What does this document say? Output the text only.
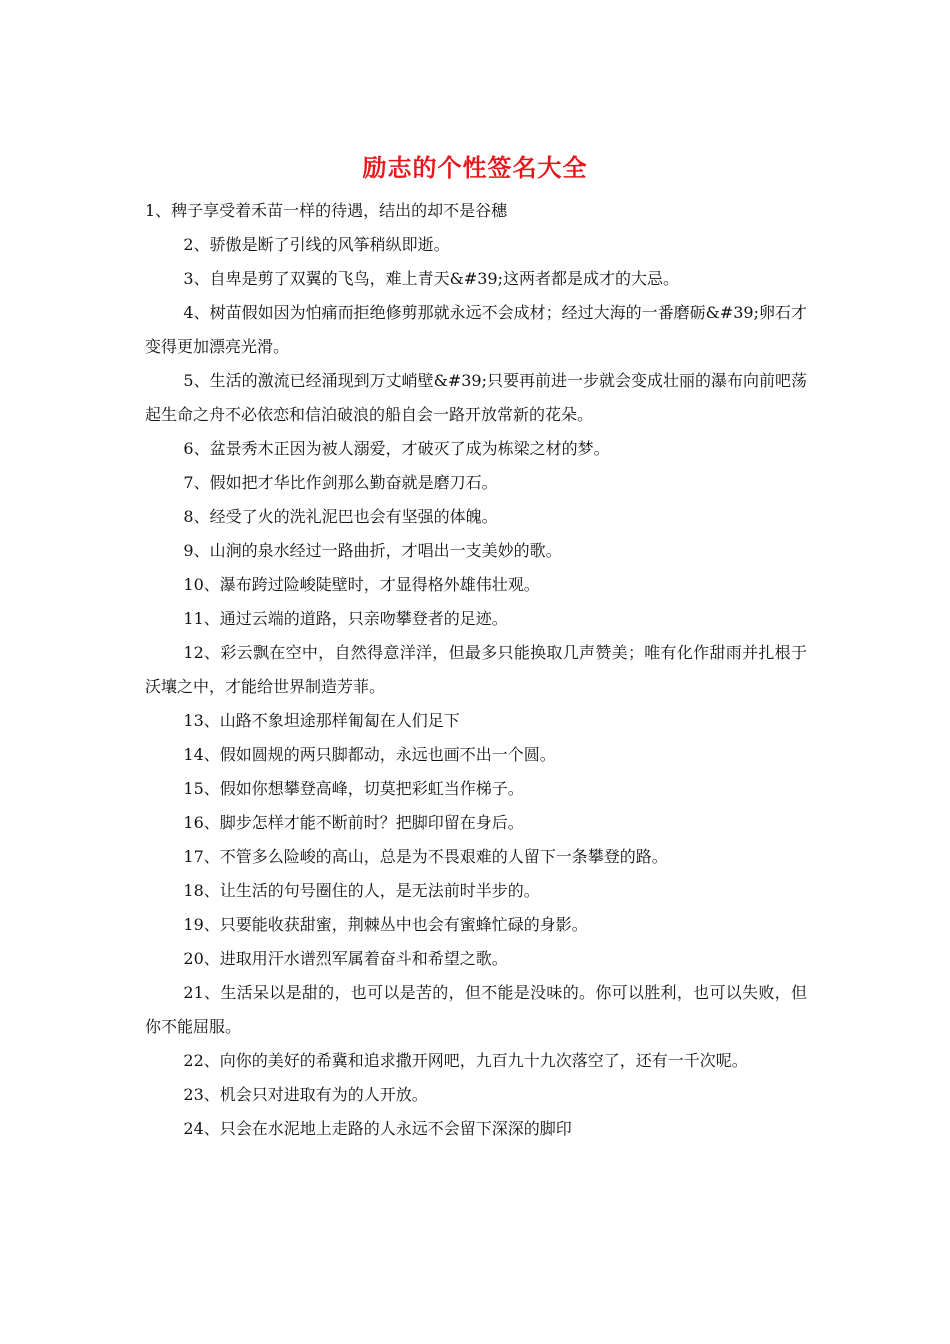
励志的个性签名大全

1、稗子享受着禾苗一样的待遇，结出的却不是谷穗

2、骄傲是断了引线的风筝稍纵即逝。

3、自卑是剪了双翼的飞鸟，难上青天&#39;这两者都是成才的大忌。

4、树苗假如因为怕痛而拒绝修剪那就永远不会成材；经过大海的一番磨砺&#39;卵石才变得更加漂亮光滑。

5、生活的激流已经涌现到万丈峭壁&#39;只要再前进一步就会变成壮丽的瀑布向前吧荡起生命之舟不必依恋和信泊破浪的船自会一路开放常新的花朵。

6、盆景秀木正因为被人溺爱，才破灭了成为栋梁之材的梦。

7、假如把才华比作剑那么勤奋就是磨刀石。

8、经受了火的洗礼泥巴也会有坚强的体魄。

9、山涧的泉水经过一路曲折，才唱出一支美妙的歌。

10、瀑布跨过险峻陡壁时，才显得格外雄伟壮观。

11、通过云端的道路，只亲吻攀登者的足迹。

12、彩云飘在空中，自然得意洋洋，但最多只能换取几声赞美；唯有化作甜雨并扎根于沃壤之中，才能给世界制造芳菲。

13、山路不象坦途那样匍匐在人们足下

14、假如圆规的两只脚都动，永远也画不出一个圆。

15、假如你想攀登高峰，切莫把彩虹当作梯子。

16、脚步怎样才能不断前时？把脚印留在身后。

17、不管多么险峻的高山，总是为不畏艰难的人留下一条攀登的路。

18、让生活的句号圈住的人，是无法前时半步的。

19、只要能收获甜蜜，荆棘丛中也会有蜜蜂忙碌的身影。

20、进取用汗水谱烈军属着奋斗和希望之歌。

21、生活呆以是甜的，也可以是苦的，但不能是没味的。你可以胜利，也可以失败，但你不能屈服。

22、向你的美好的希冀和追求撒开网吧，九百九十九次落空了，还有一千次呢。

23、机会只对进取有为的人开放。

24、只会在水泥地上走路的人永远不会留下深深的脚印
